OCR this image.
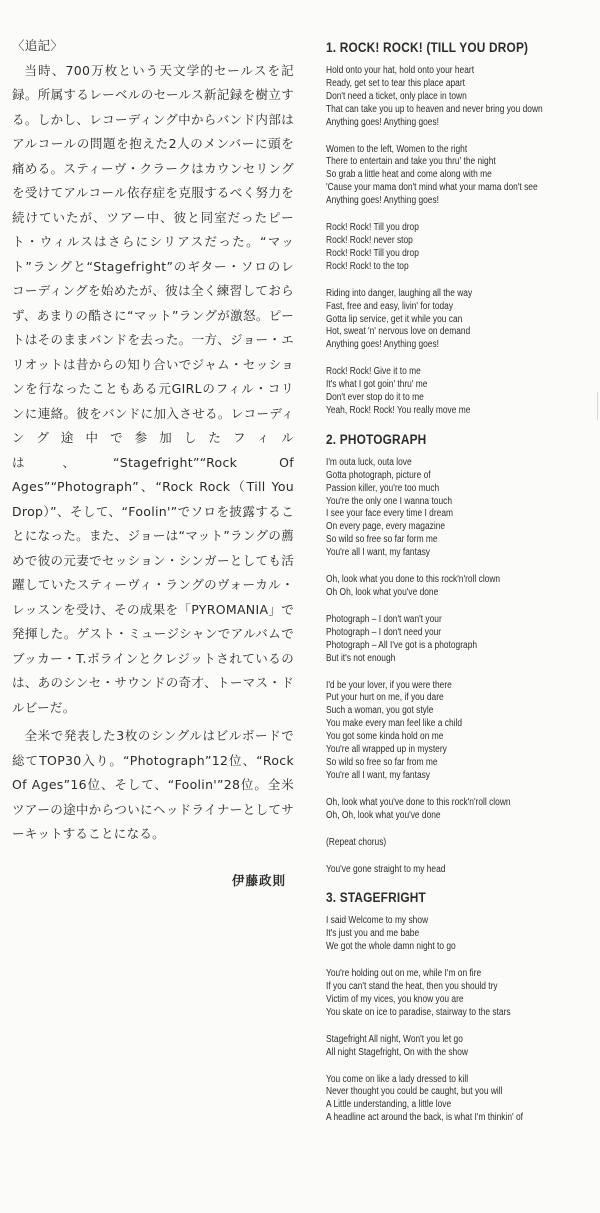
〈追記〉

当時、700万枚という天文学的セールスを記録。所属するレーベルのセールス新記録を樹立する。しかし、レコーディング中からバンド内部はアルコールの問題を抱えた2人のメンバーに頭を痛める。スティーヴ・クラークはカウンセリングを受けてアルコール依存症を克服するべく努力を続けていたが、ツアー中、彼と同室だったピート・ウィルスはさらにシリアスだった。“マット”ラングと“Stagefright”のギター・ソロのレコーディングを始めたが、彼は全く練習しておらず、あまりの酷さに“マット”ラングが激怒。ピートはそのままバンドを去った。一方、ジョー・エリオットは昔からの知り合いでジャム・セッションを行なったこともある元GIRLのフィル・コリンに連絡。彼をバンドに加入させる。レコーディング途中で参加したフィルは、“Stagefright”“Rock Of Ages”“Photograph”、“Rock Rock（Till You Drop）”、そして、“Foolin'”でソロを披露することになった。また、ジョーは“マット”ラングの薦めで彼の元妻でセッション・シンガーとしても活躍していたスティーヴィ・ラングのヴォーカル・レッスンを受け、その成果を「PYROMANIA」で発揮した。ゲスト・ミュージシャンでアルバムでブッカー・T.ボラインとクレジットされているのは、あのシンセ・サウンドの奇才、トーマス・ドルビーだ。

全米で発表した3枚のシングルはビルボードで総てTOP30入り。“Photograph”12位、“Rock Of Ages”16位、そして、“Foolin'”28位。全米ツアーの途中からついにヘッドライナーとしてサーキットすることになる。

伊藤政則
1. ROCK! ROCK! (TILL YOU DROP)
Hold onto your hat, hold onto your heart
Ready, get set to tear this place apart
Don't need a ticket, only place in town
That can take you up to heaven and never bring you down
Anything goes! Anything goes!
Women to the left, Women to the right
There to entertain and take you thru' the night
So grab a little heat and come along with me
'Cause your mama don't mind what your mama don't see
Anything goes! Anything goes!
Rock! Rock! Till you drop
Rock! Rock! never stop
Rock! Rock! Till you drop
Rock! Rock! to the top
Riding into danger, laughing all the way
Fast, free and easy, livin' for today
Gotta lip service, get it while you can
Hot, sweat 'n' nervous love on demand
Anything goes! Anything goes!
Rock! Rock! Give it to me
It's what I got goin' thru' me
Don't ever stop do it to me
Yeah, Rock! Rock! You really move me
2. PHOTOGRAPH
I'm outa luck, outa love
Gotta photograph, picture of
Passion killer, you're too much
You're the only one I wanna touch
I see your face every time I dream
On every page, every magazine
So wild so free so far form me
You're all I want, my fantasy
Oh, look what you done to this rock'n'roll clown
Oh Oh, look what you've done
Photograph – I don't wan't your
Photograph – I don't need your
Photograph – All I've got is a photograph
But it's not enough
I'd be your lover, if you were there
Put your hurt on me, if you dare
Such a woman, you got style
You make every man feel like a child
You got some kinda hold on me
You're all wrapped up in mystery
So wild so free so far from me
You're all I want, my fantasy
Oh, look what you've done to this rock'n'roll clown
Oh, Oh, look what you've done
(Repeat chorus)
You've gone straight to my head
3. STAGEFRIGHT
I said Welcome to my show
It's just you and me babe
We got the whole damn night to go
You're holding out on me, while I'm on fire
If you can't stand the heat, then you should try
Victim of my vices, you know you are
You skate on ice to paradise, stairway to the stars
Stagefright All night, Won't you let go
All night Stagefright, On with the show
You come on like a lady dressed to kill
Never thought you could be caught, but you will
A Little understanding, a little love
A headline act around the back, is what I'm thinkin' of
